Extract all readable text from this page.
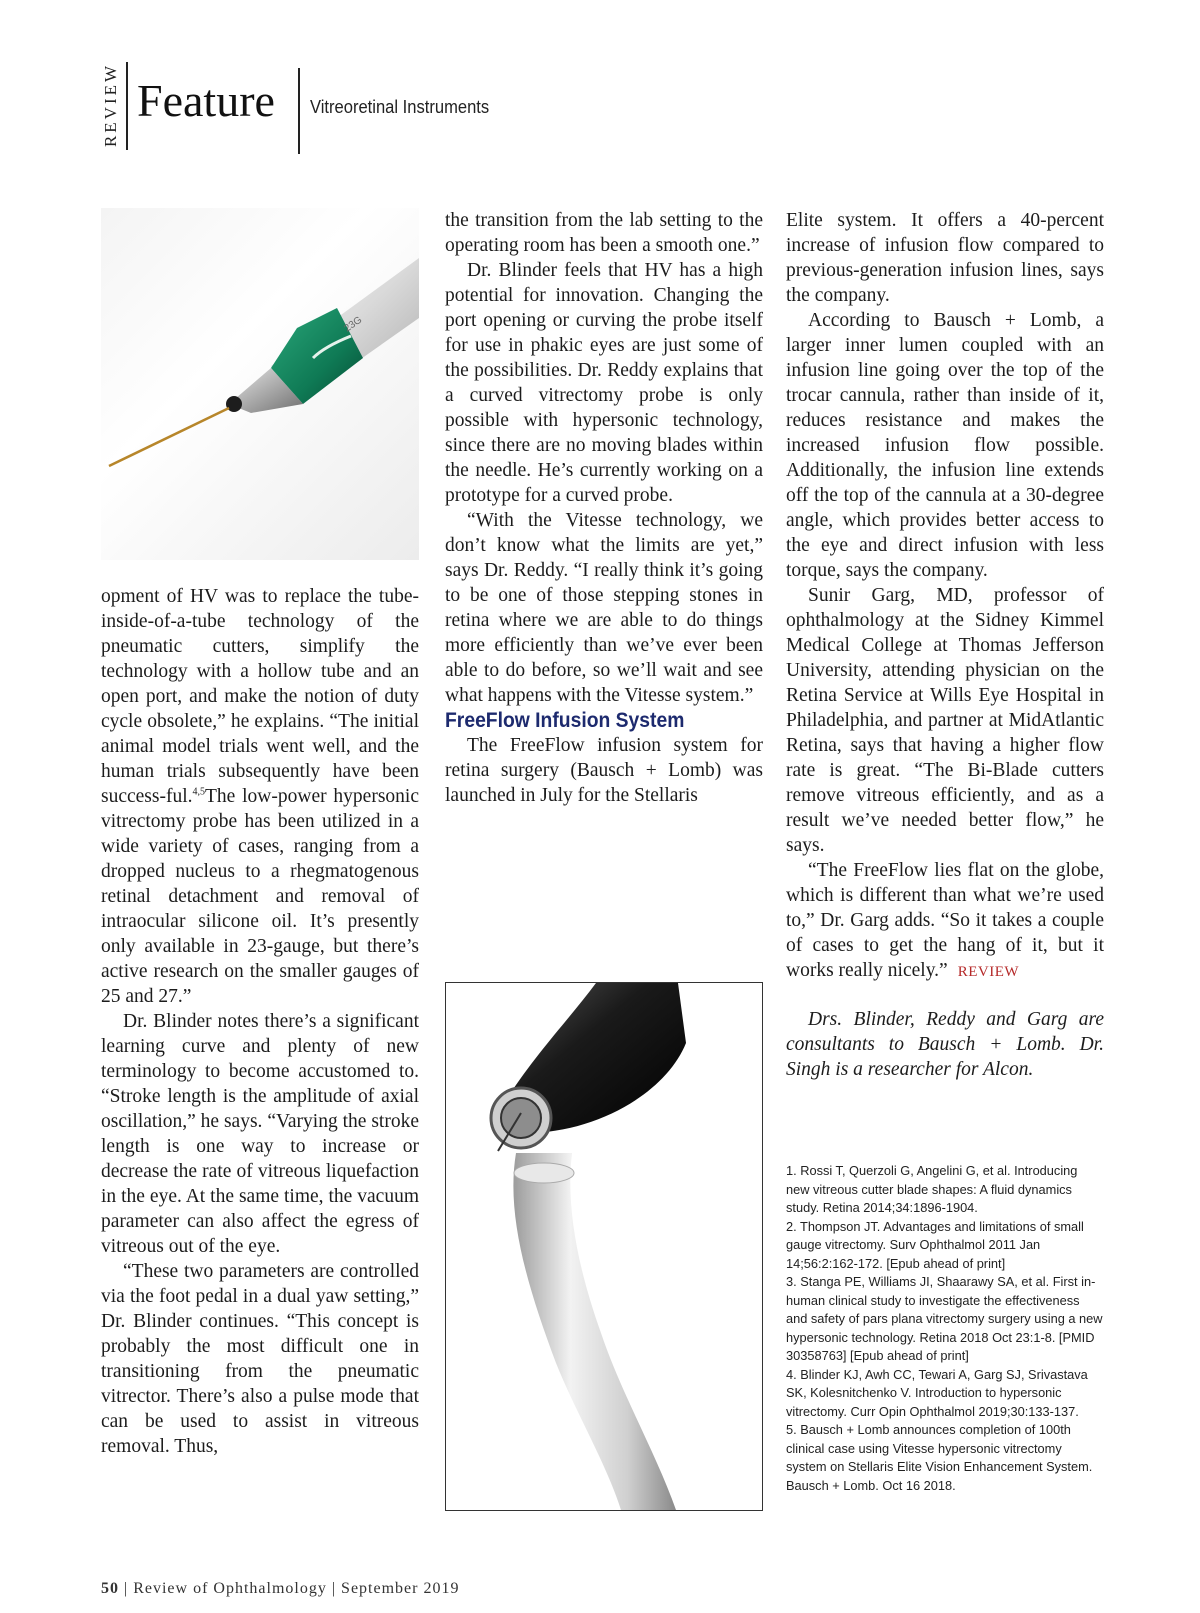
REVIEW Feature Vitreoretinal Instruments
23G

opment of HV was to replace the tube-inside-of-a-tube technology of the pneumatic cutters, simplify the technology with a hollow tube and an open port, and make the notion of duty cycle obsolete,” he explains. “The initial animal model trials went well, and the human trials subsequently have been success-ful.$^{4,5}$The low-power hypersonic vitrectomy probe has been utilized in a wide variety of cases, ranging from a dropped nucleus to a rhegmatogenous retinal detachment and removal of intraocular silicone oil. It’s presently only available in 23-gauge, but there’s active research on the smaller gauges of 25 and 27.”

Dr. Blinder notes there’s a significant learning curve and plenty of new terminology to become accustomed to. “Stroke length is the amplitude of axial oscillation,” he says. “Varying the stroke length is one way to increase or decrease the rate of vitreous liquefaction in the eye. At the same time, the vacuum parameter can also affect the egress of vitreous out of the eye.

“These two parameters are controlled via the foot pedal in a dual yaw setting,” Dr. Blinder continues. “This concept is probably the most difficult one in transitioning from the pneumatic vitrector. There’s also a pulse mode that can be used to assist in vitreous removal. Thus,

the transition from the lab setting to the operating room has been a smooth one.”

Dr. Blinder feels that HV has a high potential for innovation. Changing the port opening or curving the probe itself for use in phakic eyes are just some of the possibilities. Dr. Reddy explains that a curved vitrectomy probe is only possible with hypersonic technology, since there are no moving blades within the needle. He’s currently working on a prototype for a curved probe.

“With the Vitesse technology, we don’t know what the limits are yet,” says Dr. Reddy. “I really think it’s going to be one of those stepping stones in retina where we are able to do things more efficiently than we’ve ever been able to do before, so we’ll wait and see what happens with the Vitesse system.”

FreeFlow Infusion System

The FreeFlow infusion system for retina surgery (Bausch + Lomb) was launched in July for the Stellaris

Elite system. It offers a 40-percent increase of infusion flow compared to previous-generation infusion lines, says the company.

According to Bausch + Lomb, a larger inner lumen coupled with an infusion line going over the top of the trocar cannula, rather than inside of it, reduces resistance and makes the increased infusion flow possible. Additionally, the infusion line extends off the top of the cannula at a 30-degree angle, which provides better access to the eye and direct infusion with less torque, says the company.

Sunir Garg, MD, professor of ophthalmology at the Sidney Kimmel Medical College at Thomas Jefferson University, attending physician on the Retina Service at Wills Eye Hospital in Philadelphia, and partner at MidAtlantic Retina, says that having a higher flow rate is great. “The Bi-Blade cutters remove vitreous efficiently, and as a result we’ve needed better flow,” he says.

“The FreeFlow lies flat on the globe, which is different than what we’re used to,” Dr. Garg adds. “So it takes a couple of cases to get the hang of it, but it works really nicely.” REVIEW

Drs. Blinder, Reddy and Garg are consultants to Bausch + Lomb. Dr. Singh is a researcher for Alcon.

1. Rossi T, Querzoli G, Angelini G, et al. Introducing new vitreous cutter blade shapes: A fluid dynamics study. Retina 2014;34:1896-1904.
2. Thompson JT. Advantages and limitations of small gauge vitrectomy. Surv Ophthalmol 2011 Jan 14;56:2:162-172. [Epub ahead of print]
3. Stanga PE, Williams JI, Shaarawy SA, et al. First in-human clinical study to investigate the effectiveness and safety of pars plana vitrectomy surgery using a new hypersonic technology. Retina 2018 Oct 23:1-8. [PMID 30358763] [Epub ahead of print]
4. Blinder KJ, Awh CC, Tewari A, Garg SJ, Srivastava SK, Kolesnitchenko V. Introduction to hypersonic vitrectomy. Curr Opin Ophthalmol 2019;30:133-137.
5. Bausch + Lomb announces completion of 100th clinical case using Vitesse hypersonic vitrectomy system on Stellaris Elite Vision Enhancement System. Bausch + Lomb. Oct 16 2018.
50 | Review of Ophthalmology | September 2019
